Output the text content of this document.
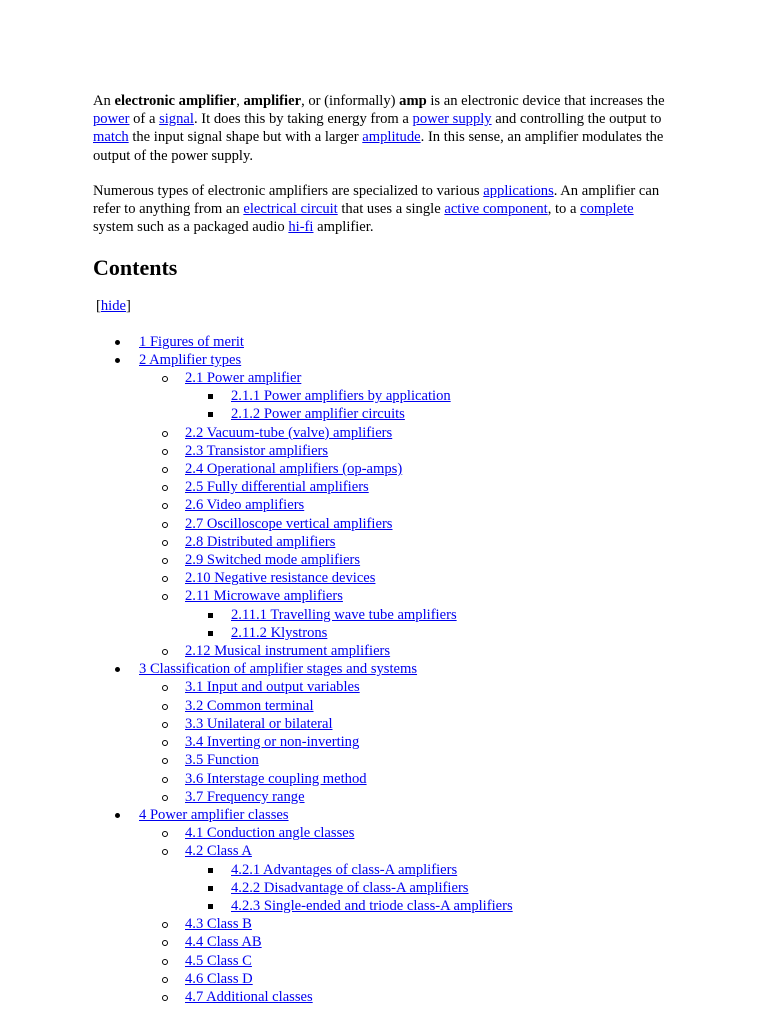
An electronic amplifier, amplifier, or (informally) amp is an electronic device that increases the power of a signal. It does this by taking energy from a power supply and controlling the output to match the input signal shape but with a larger amplitude. In this sense, an amplifier modulates the output of the power supply.

Numerous types of electronic amplifiers are specialized to various applications. An amplifier can refer to anything from an electrical circuit that uses a single active component, to a complete system such as a packaged audio hi-fi amplifier.

Contents
[hide]
1 Figures of merit
2 Amplifier types
2.1 Power amplifier
2.1.1 Power amplifiers by application
2.1.2 Power amplifier circuits
2.2 Vacuum-tube (valve) amplifiers
2.3 Transistor amplifiers
2.4 Operational amplifiers (op-amps)
2.5 Fully differential amplifiers
2.6 Video amplifiers
2.7 Oscilloscope vertical amplifiers
2.8 Distributed amplifiers
2.9 Switched mode amplifiers
2.10 Negative resistance devices
2.11 Microwave amplifiers
2.11.1 Travelling wave tube amplifiers
2.11.2 Klystrons
2.12 Musical instrument amplifiers
3 Classification of amplifier stages and systems
3.1 Input and output variables
3.2 Common terminal
3.3 Unilateral or bilateral
3.4 Inverting or non-inverting
3.5 Function
3.6 Interstage coupling method
3.7 Frequency range
4 Power amplifier classes
4.1 Conduction angle classes
4.2 Class A
4.2.1 Advantages of class-A amplifiers
4.2.2 Disadvantage of class-A amplifiers
4.2.3 Single-ended and triode class-A amplifiers
4.3 Class B
4.4 Class AB
4.5 Class C
4.6 Class D
4.7 Additional classes
